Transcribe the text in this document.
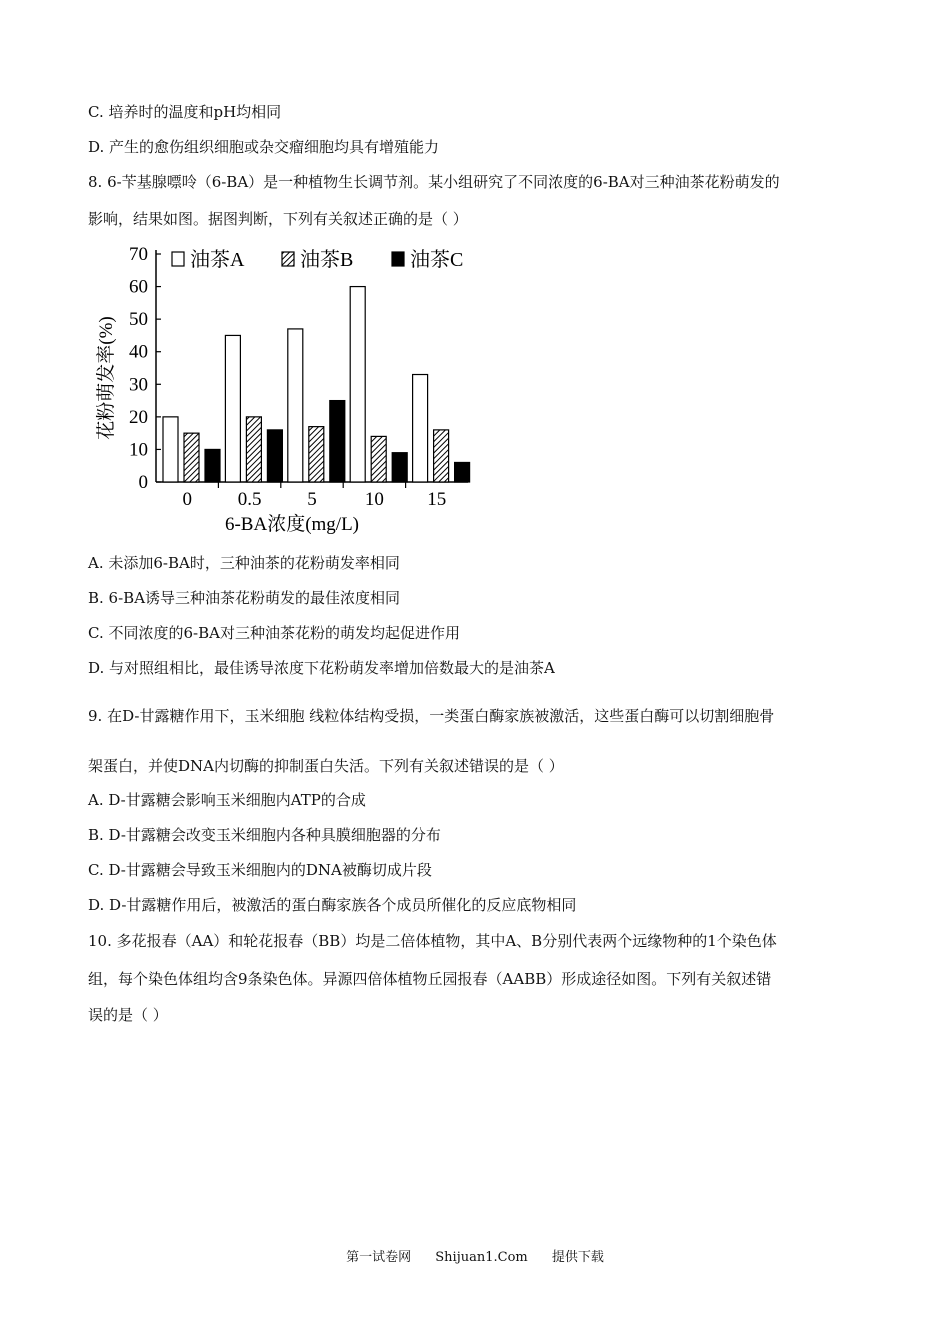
C. 培养时的温度和pH均相同
D. 产生的愈伤组织细胞或杂交瘤细胞均具有增殖能力
8. 6-苄基腺嘌呤（6-BA）是一种植物生长调节剂。某小组研究了不同浓度的6-BA对三种油茶花粉萌发的
影响，结果如图。据图判断，下列有关叙述正确的是（ ）
0
10
20
30
40
50
60
70
0 0.5 5	10 15
6-BA浓度(mg/L)
花粉萌发率(%)
油茶A	油茶B	油茶C
A. 未添加6-BA时，三种油茶的花粉萌发率相同
B. 6-BA诱导三种油茶花粉萌发的最佳浓度相同
C. 不同浓度的6-BA对三种油茶花粉的萌发均起促进作用
D. 与对照组相比，最佳诱导浓度下花粉萌发率增加倍数最大的是油茶A
9. 在D-甘露糖作用下，玉米细胞 线粒体结构受损，一类蛋白酶家族被激活，这些蛋白酶可以切割细胞骨
架蛋白，并使DNA内切酶的抑制蛋白失活。下列有关叙述错误的是（ ）
A. D-甘露糖会影响玉米细胞内ATP的合成
B. D-甘露糖会改变玉米细胞内各种具膜细胞器的分布
C. D-甘露糖会导致玉米细胞内的DNA被酶切成片段
D. D-甘露糖作用后，被激活的蛋白酶家族各个成员所催化的反应底物相同
10. 多花报春（AA）和轮花报春（BB）均是二倍体植物，其中A、B分别代表两个远缘物种的1个染色体
组，每个染色体组均含9条染色体。异源四倍体植物丘园报春（AABB）形成途径如图。下列有关叙述错
误的是（ ）
第一试卷网 Shijuan1.Com 提供下载
